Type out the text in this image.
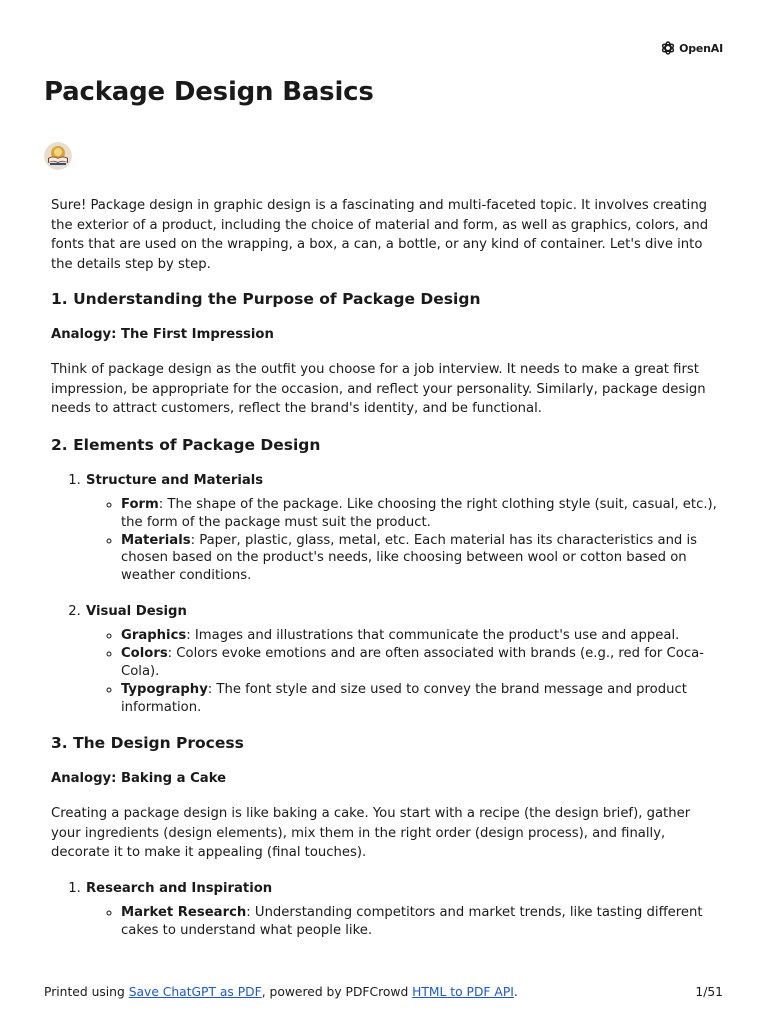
OpenAI
Package Design Basics

Sure! Package design in graphic design is a fascinating and multi-faceted topic. It involves creating the exterior of a product, including the choice of material and form, as well as graphics, colors, and fonts that are used on the wrapping, a box, a can, a bottle, or any kind of container. Let's dive into the details step by step.

1. Understanding the Purpose of Package Design
Analogy: The First Impression

Think of package design as the outfit you choose for a job interview. It needs to make a great first impression, be appropriate for the occasion, and reflect your personality. Similarly, package design needs to attract customers, reflect the brand's identity, and be functional.

2. Elements of Package Design
1. Structure and Materials
◦ Form: The shape of the package. Like choosing the right clothing style (suit, casual, etc.), the form of the package must suit the product.
◦ Materials: Paper, plastic, glass, metal, etc. Each material has its characteristics and is chosen based on the product's needs, like choosing between wool or cotton based on weather conditions.
2. Visual Design
◦ Graphics: Images and illustrations that communicate the product's use and appeal.
◦ Colors: Colors evoke emotions and are often associated with brands (e.g., red for Coca-Cola).
◦ Typography: The font style and size used to convey the brand message and product information.
3. The Design Process
Analogy: Baking a Cake

Creating a package design is like baking a cake. You start with a recipe (the design brief), gather your ingredients (design elements), mix them in the right order (design process), and finally, decorate it to make it appealing (final touches).

1. Research and Inspiration
◦ Market Research: Understanding competitors and market trends, like tasting different cakes to understand what people like.
Printed using Save ChatGPT as PDF, powered by PDFCrowd HTML to PDF API.	1/51
